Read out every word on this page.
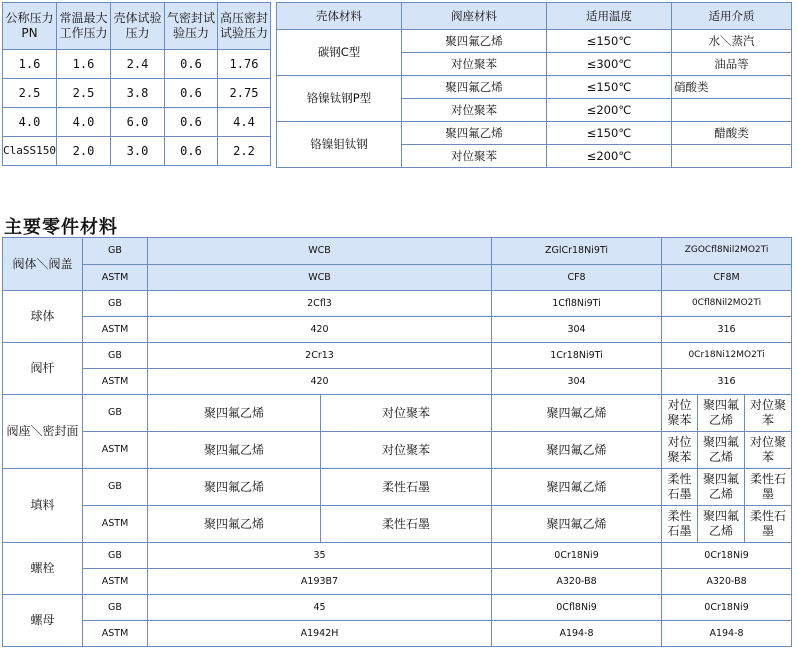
公称压力PN	常温最大工作压力	壳体试验压力	气密封试验压力	高压密封试验压力
1.6	1.6	2.4	0.6	1.76
2.5	2.5	3.8	0.6	2.75
4.0	4.0	6.0	0.6	4.4
ClaSS150	2.0	3.0	0.6	2.2
壳体材料	阀座材料	适用温度	适用介质
碳钢C型	聚四氟乙烯	≤150℃	水＼蒸汽
	对位聚苯	≤300℃	油品等
铬镍钛钢P型	聚四氟乙烯	≤150℃	硝酸类
	对位聚苯	≤200℃	
铬镍钼钛钢	聚四氟乙烯	≤150℃	醋酸类
	对位聚苯	≤200℃	
主要零件材料
阀体＼阀盖	GB	WCB		ZGlCr18Ni9Ti	ZGOCfl8Nil2MO2Ti		
	ASTM	WCB		CF8	CF8M		
球体	GB	2Cfl3		1Cfl8Ni9Ti	0Cfl8Nil2MO2Ti		
	ASTM	420		304	316		
阀杆	GB	2Cr13		1Cr18Ni9Ti	0Cr18Ni12MO2Ti		
	ASTM	420		304	316		
阀座＼密封面	GB	聚四氟乙烯	对位聚苯	聚四氟乙烯	对位聚苯	聚四氟乙烯	对位聚苯
	ASTM	聚四氟乙烯	对位聚苯	聚四氟乙烯	对位聚苯	聚四氟乙烯	对位聚苯
填料	GB	聚四氟乙烯	柔性石墨	聚四氟乙烯	柔性石墨	聚四氟乙烯	柔性石墨
	ASTM	聚四氟乙烯	柔性石墨	聚四氟乙烯	柔性石墨	聚四氟乙烯	柔性石墨
螺栓	GB	35		0Cr18Ni9	0Cr18Ni9		
	ASTM	A193B7		A320-B8	A320-B8		
螺母	GB	45		0Cfl8Ni9	0Cr18Ni9		
	ASTM	A1942H		A194-8	A194-8		
